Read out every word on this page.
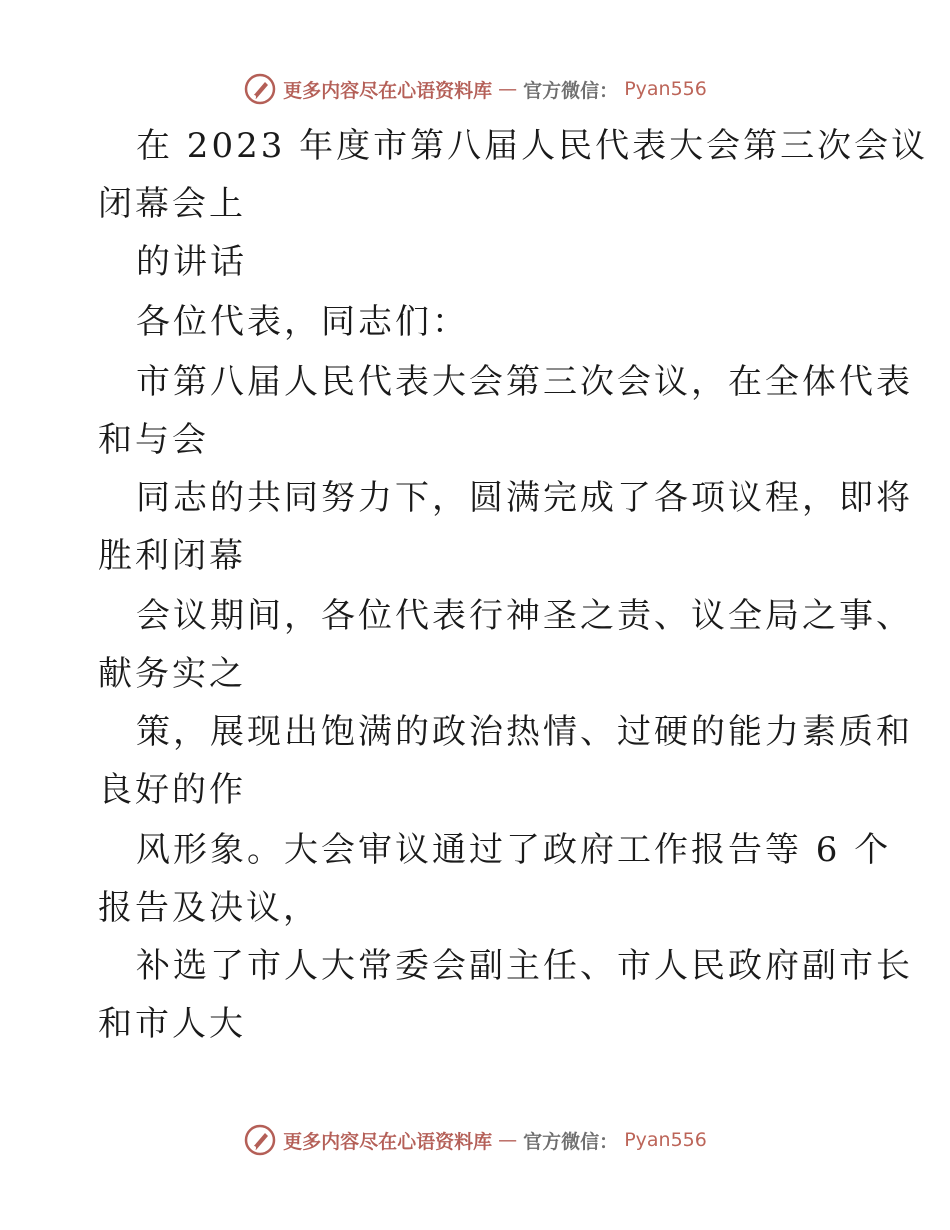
更多内容尽在心语资料库 — 官方微信： Pyan556
在 2023 年度市第八届人民代表大会第三次会议
闭幕会上
的讲话
各位代表，同志们：
市第八届人民代表大会第三次会议，在全体代表
和与会
同志的共同努力下，圆满完成了各项议程，即将
胜利闭幕
会议期间，各位代表行神圣之责、议全局之事、
献务实之
策，展现出饱满的政治热情、过硬的能力素质和
良好的作
风形象。大会审议通过了政府工作报告等 6 个
报告及决议，
补选了市人大常委会副主任、市人民政府副市长
和市人大
更多内容尽在心语资料库 — 官方微信： Pyan556
